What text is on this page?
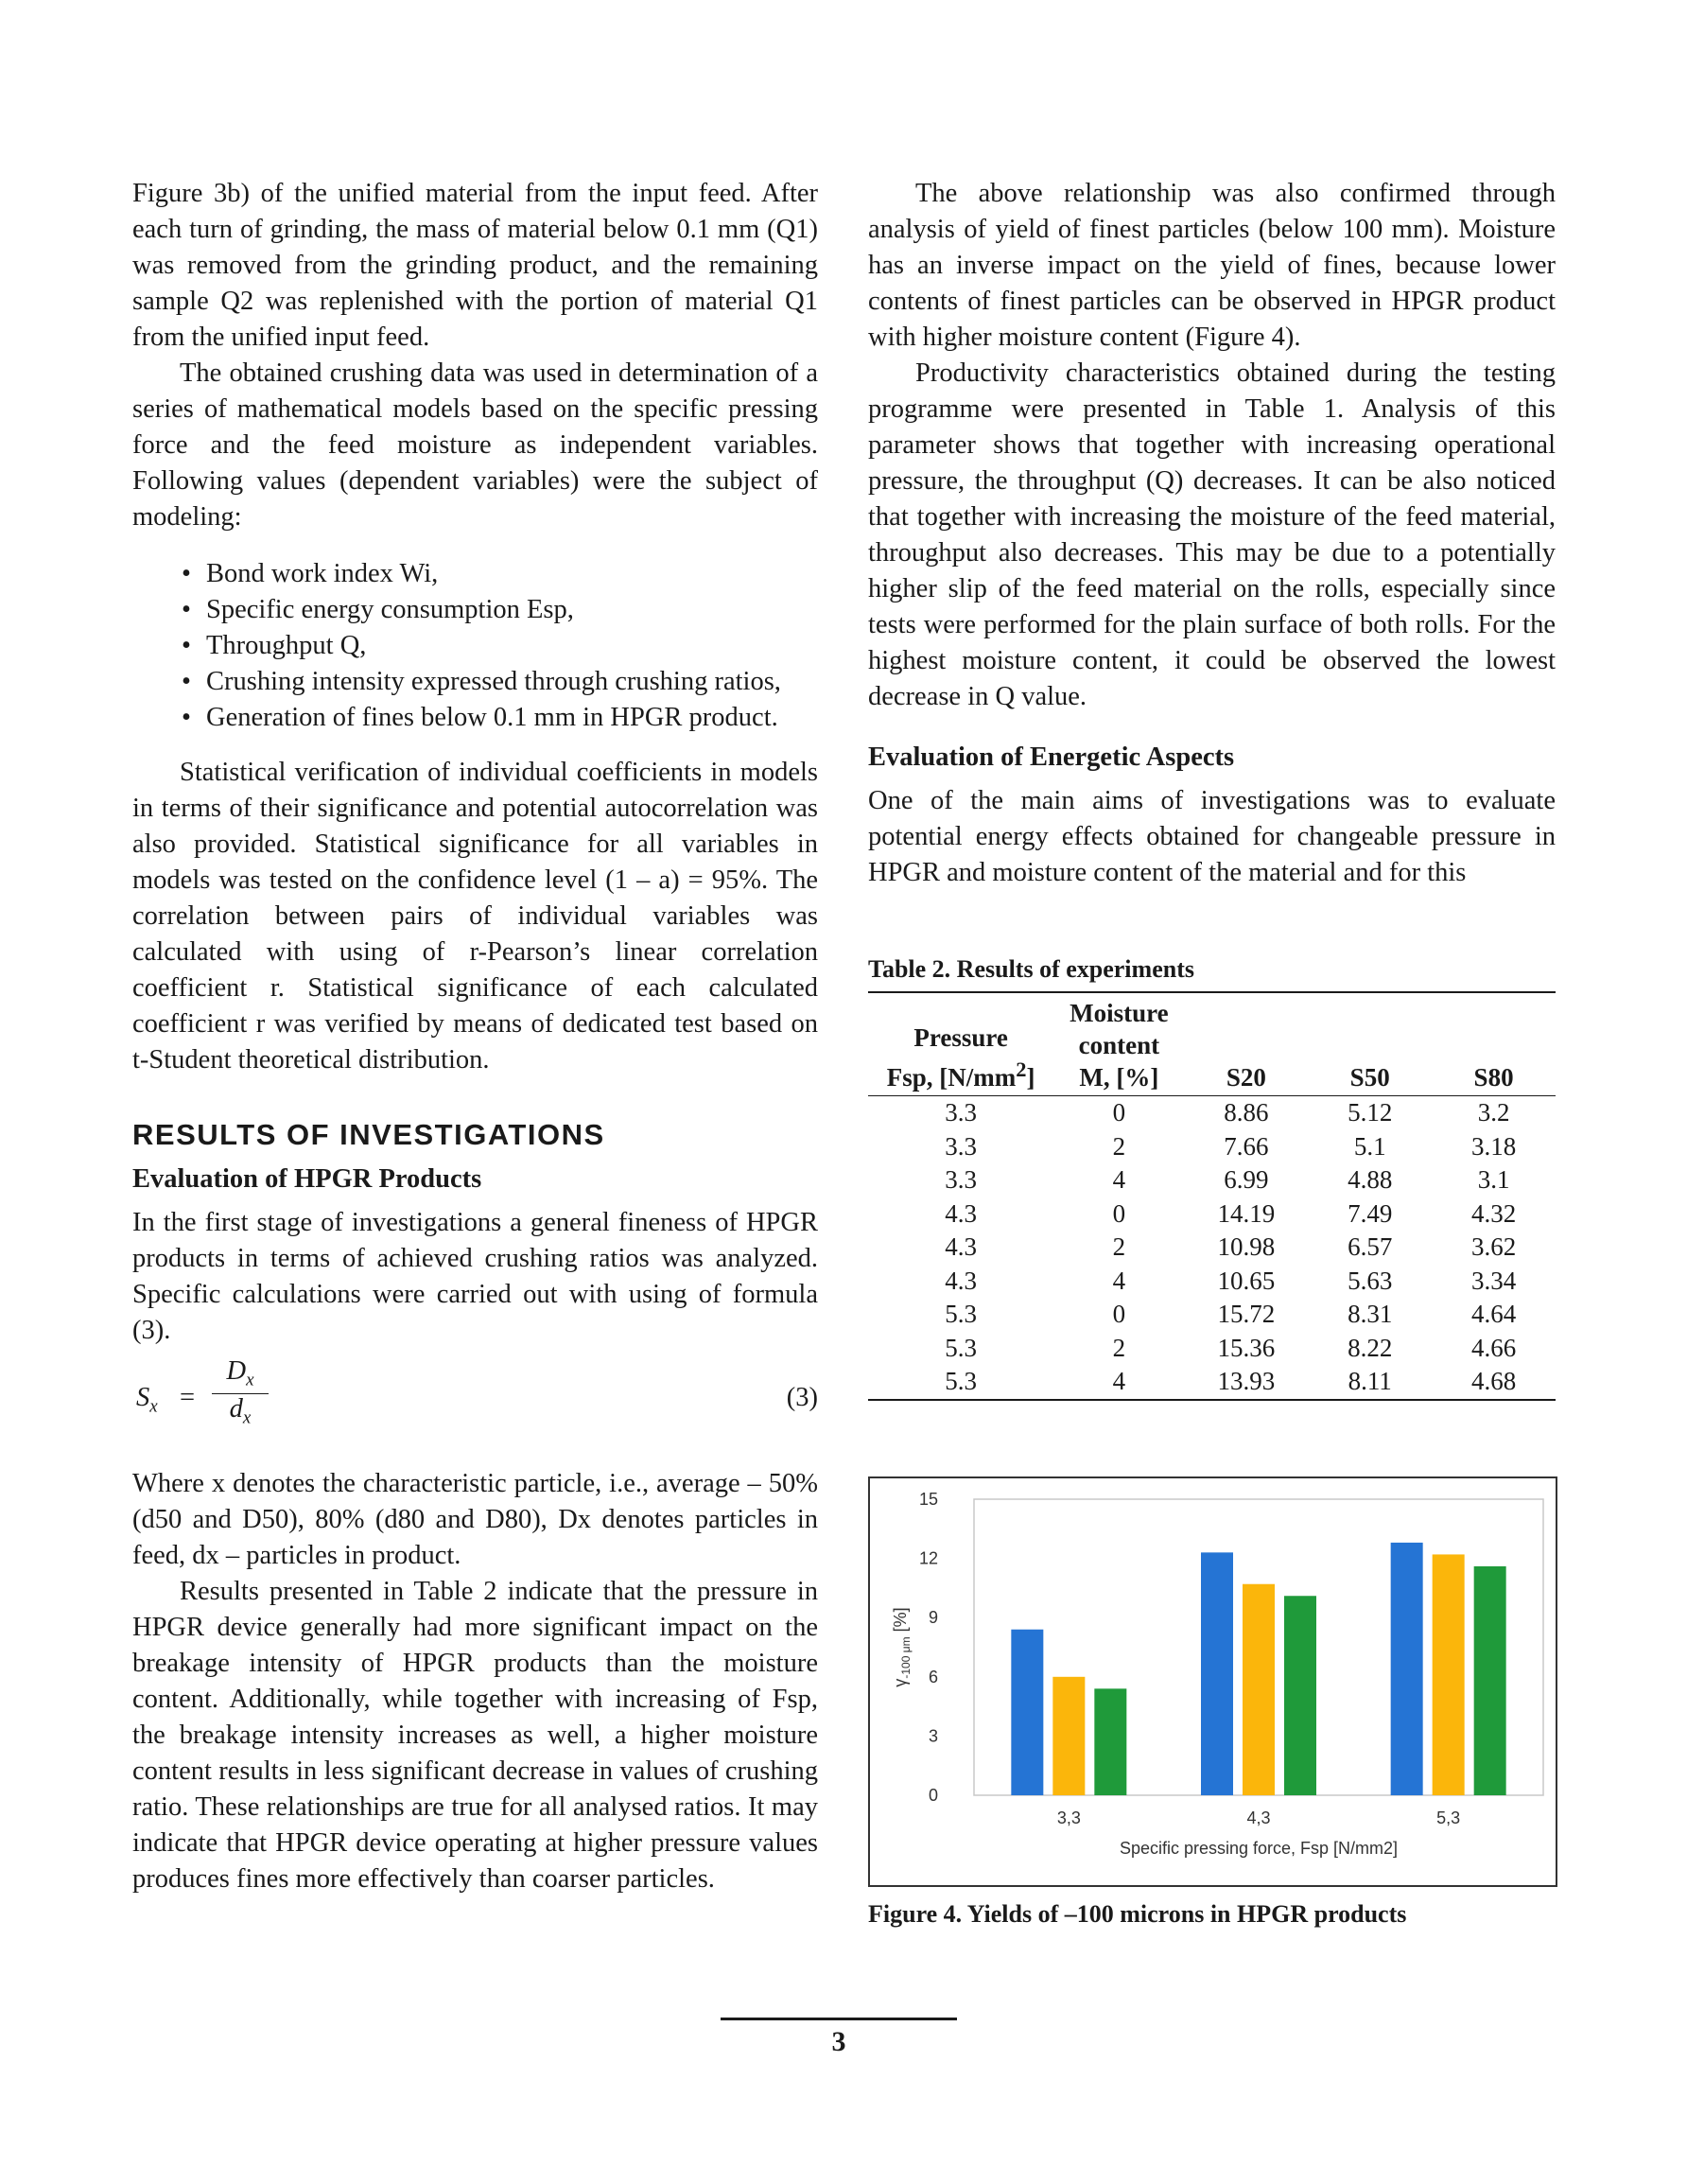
Figure 3b) of the unified material from the input feed. After each turn of grinding, the mass of material below 0.1 mm (Q1) was removed from the grinding product, and the remaining sample Q2 was replenished with the portion of material Q1 from the unified input feed.

The obtained crushing data was used in determination of a series of mathematical models based on the specific pressing force and the feed moisture as independent variables. Following values (dependent variables) were the subject of modeling:

• Bond work index Wi,
• Specific energy consumption Esp,
• Throughput Q,
• Crushing intensity expressed through crushing ratios,
• Generation of fines below 0.1 mm in HPGR product.

Statistical verification of individual coefficients in models in terms of their significance and potential autocorrelation was also provided. Statistical significance for all variables in models was tested on the confidence level (1 – a) = 95%. The correlation between pairs of individual variables was calculated with using of r-Pearson’s linear correlation coefficient r. Statistical significance of each calculated coefficient r was verified by means of dedicated test based on t-Student theoretical distribution.

RESULTS OF INVESTIGATIONS
Evaluation of HPGR Products

In the first stage of investigations a general fineness of HPGR products in terms of achieved crushing ratios was analyzed. Specific calculations were carried out with using of formula (3).

$S_x = \frac{D_x}{d_x}$	(3)

Where x denotes the characteristic particle, i.e., average – 50% (d50 and D50), 80% (d80 and D80), Dx denotes particles in feed, dx – particles in product.

Results presented in Table 2 indicate that the pressure in HPGR device generally had more significant impact on the breakage intensity of HPGR products than the moisture content. Additionally, while together with increasing of Fsp, the breakage intensity increases as well, a higher moisture content results in less significant decrease in values of crushing ratio. These relationships are true for all analysed ratios. It may indicate that HPGR device operating at higher pressure values produces fines more effectively than coarser particles.

The above relationship was also confirmed through analysis of yield of finest particles (below 100 mm). Moisture has an inverse impact on the yield of fines, because lower contents of finest particles can be observed in HPGR product with higher moisture content (Figure 4).

Productivity characteristics obtained during the testing programme were presented in Table 1. Analysis of this parameter shows that together with increasing operational pressure, the throughput (Q) decreases. It can be also noticed that together with increasing the moisture of the feed material, throughput also decreases. This may be due to a potentially higher slip of the feed material on the rolls, especially since tests were performed for the plain surface of both rolls. For the highest moisture content, it could be observed the lowest decrease in Q value.

Evaluation of Energetic Aspects

One of the main aims of investigations was to evaluate potential energy effects obtained for changeable pressure in HPGR and moisture content of the material and for this

Table 2. Results of experiments
Pressure
Fsp, $[N/mm^2]$	Moisture
content
M, [%]	S20	S50	S80
3.3	0	8.86	5.12	3.2
3.3	2	7.66	5.1	3.18
3.3	4	6.99	4.88	3.1
4.3	0	14.19	7.49	4.32
4.3	2	10.98	6.57	3.62
4.3	4	10.65	5.63	3.34
5.3	0	15.72	8.31	4.64
5.3	2	15.36	8.22	4.66
5.3	4	13.93	8.11	4.68
0
3
6
9
12
15
3,3	4,3	5,3
Specific pressing force, Fsp [N/mm2]
$\gamma_{-100 \mu m}$ [%]
Figure 4. Yields of –100 microns in HPGR products
3
